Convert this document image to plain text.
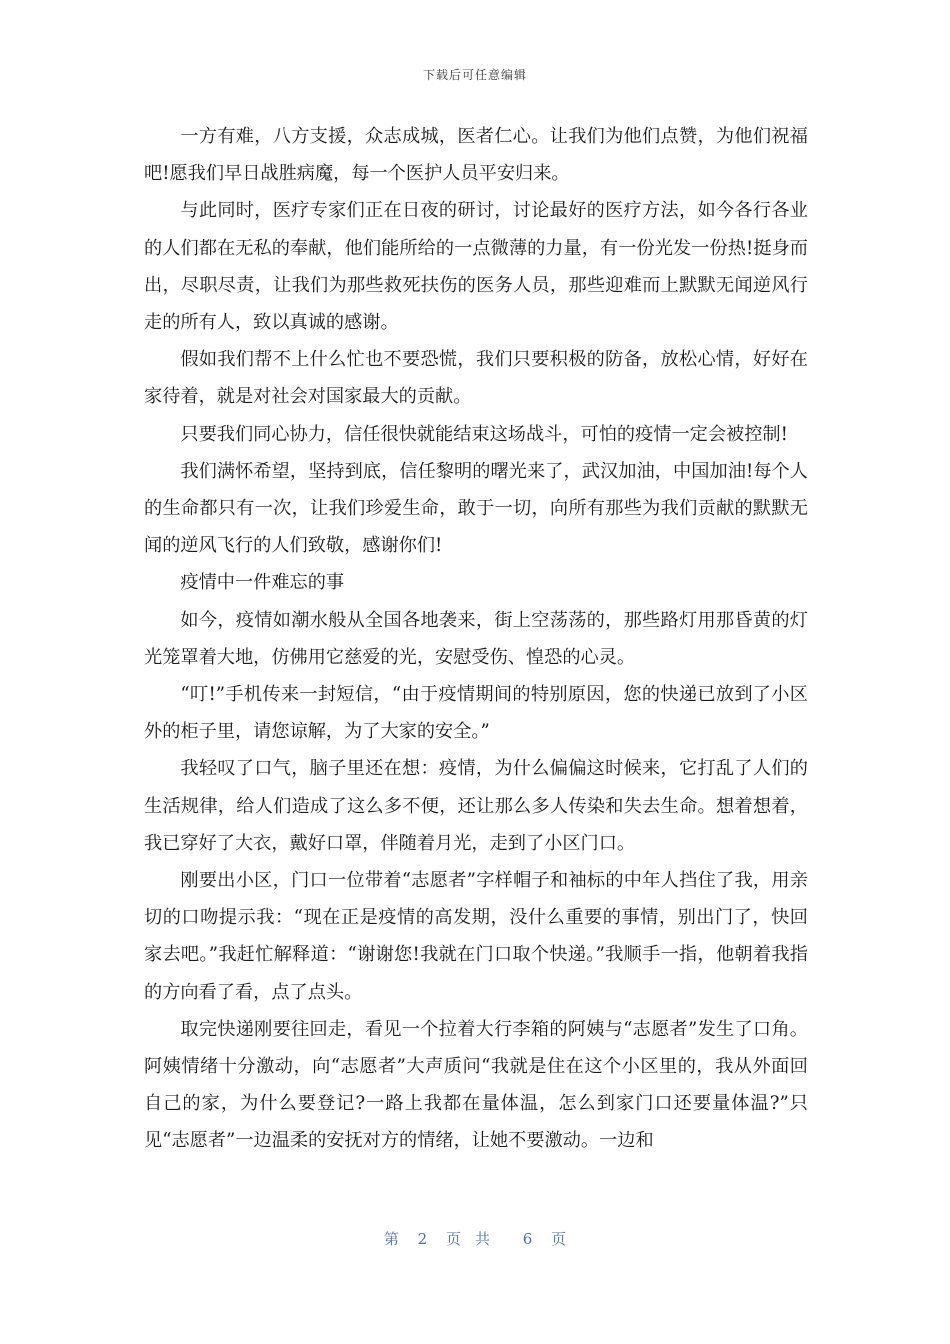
下载后可任意编辑

一方有难，八方支援，众志成城，医者仁心。让我们为他们点赞，为他们祝福吧!愿我们早日战胜病魔，每一个医护人员平安归来。

与此同时，医疗专家们正在日夜的研讨，讨论最好的医疗方法，如今各行各业的人们都在无私的奉献，他们能所给的一点微薄的力量，有一份光发一份热!挺身而出，尽职尽责，让我们为那些救死扶伤的医务人员，那些迎难而上默默无闻逆风行走的所有人，致以真诚的感谢。

假如我们帮不上什么忙也不要恐慌，我们只要积极的防备，放松心情，好好在家待着，就是对社会对国家最大的贡献。

只要我们同心协力，信任很快就能结束这场战斗，可怕的疫情一定会被控制!

我们满怀希望，坚持到底，信任黎明的曙光来了，武汉加油，中国加油!每个人的生命都只有一次，让我们珍爱生命，敢于一切，向所有那些为我们贡献的默默无闻的逆风飞行的人们致敬，感谢你们!

疫情中一件难忘的事

如今，疫情如潮水般从全国各地袭来，街上空荡荡的，那些路灯用那昏黄的灯光笼罩着大地，仿佛用它慈爱的光，安慰受伤、惶恐的心灵。

“叮!”手机传来一封短信，“由于疫情期间的特别原因，您的快递已放到了小区外的柜子里，请您谅解，为了大家的安全。”

我轻叹了口气，脑子里还在想：疫情，为什么偏偏这时候来，它打乱了人们的生活规律，给人们造成了这么多不便，还让那么多人传染和失去生命。想着想着，我已穿好了大衣，戴好口罩，伴随着月光，走到了小区门口。

刚要出小区，门口一位带着“志愿者”字样帽子和袖标的中年人挡住了我，用亲切的口吻提示我：“现在正是疫情的高发期，没什么重要的事情，别出门了，快回家去吧。”我赶忙解释道：“谢谢您!我就在门口取个快递。”我顺手一指，他朝着我指的方向看了看，点了点头。

取完快递刚要往回走，看见一个拉着大行李箱的阿姨与“志愿者”发生了口角。阿姨情绪十分激动，向“志愿者”大声质问“我就是住在这个小区里的，我从外面回自己的家，为什么要登记?一路上我都在量体温，怎么到家门口还要量体温?”只见“志愿者”一边温柔的安抚对方的情绪，让她不要激动。一边和

第 2 页共 6 页
